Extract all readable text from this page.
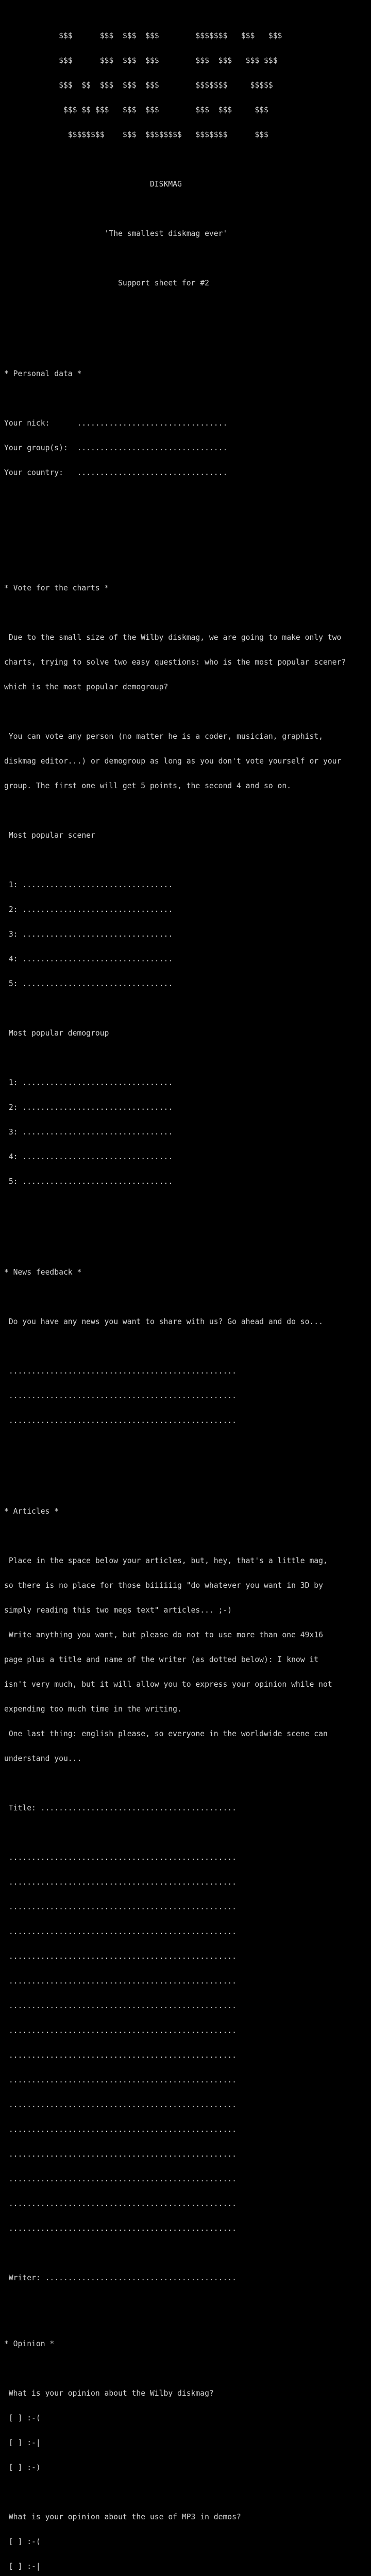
$$$      $$$  $$$  $$$        $$$$$$$   $$$   $$$

$$$      $$$  $$$  $$$        $$$  $$$   $$$ $$$

$$$  $$  $$$  $$$  $$$        $$$$$$$     $$$$$

$$$ $$ $$$   $$$  $$$        $$$  $$$     $$$

$$$$$$$$    $$$  $$$$$$$$   $$$$$$$      $$$

DISKMAG

'The smallest diskmag ever'

Support sheet for #2

* Personal data *

Your nick:      .................................

Your group(s):  .................................

Your country:   .................................

* Vote for the charts *

Due to the small size of the Wilby diskmag, we are going to make only two

charts, trying to solve two easy questions: who is the most popular scener?

which is the most popular demogroup?

You can vote any person (no matter he is a coder, musician, graphist,

diskmag editor...) or demogroup as long as you don't vote yourself or your

group. The first one will get 5 points, the second 4 and so on.

Most popular scener

1: .................................

2: .................................

3: .................................

4: .................................

5: .................................

Most popular demogroup

1: .................................

2: .................................

3: .................................

4: .................................

5: .................................

* News feedback *

Do you have any news you want to share with us? Go ahead and do so...

..................................................

..................................................

..................................................

* Articles *

Place in the space below your articles, but, hey, that's a little mag,

so there is no place for those biiiiiig "do whatever you want in 3D by

simply reading this two megs text" articles... ;-)

Write anything you want, but please do not to use more than one 49x16

page plus a title and name of the writer (as dotted below): I know it

isn't very much, but it will allow you to express your opinion while not

expending too much time in the writing.

One last thing: english please, so everyone in the worldwide scene can

understand you...

Title: ...........................................

..................................................

..................................................

..................................................

..................................................

..................................................

..................................................

..................................................

..................................................

..................................................

..................................................

..................................................

..................................................

..................................................

..................................................

..................................................

..................................................

Writer: ..........................................

* Opinion *

What is your opinion about the Wilby diskmag?

[ ] :-(

[ ] :-|

[ ] :-)

What is your opinion about the use of MP3 in demos?

[ ] :-(

[ ] :-|
